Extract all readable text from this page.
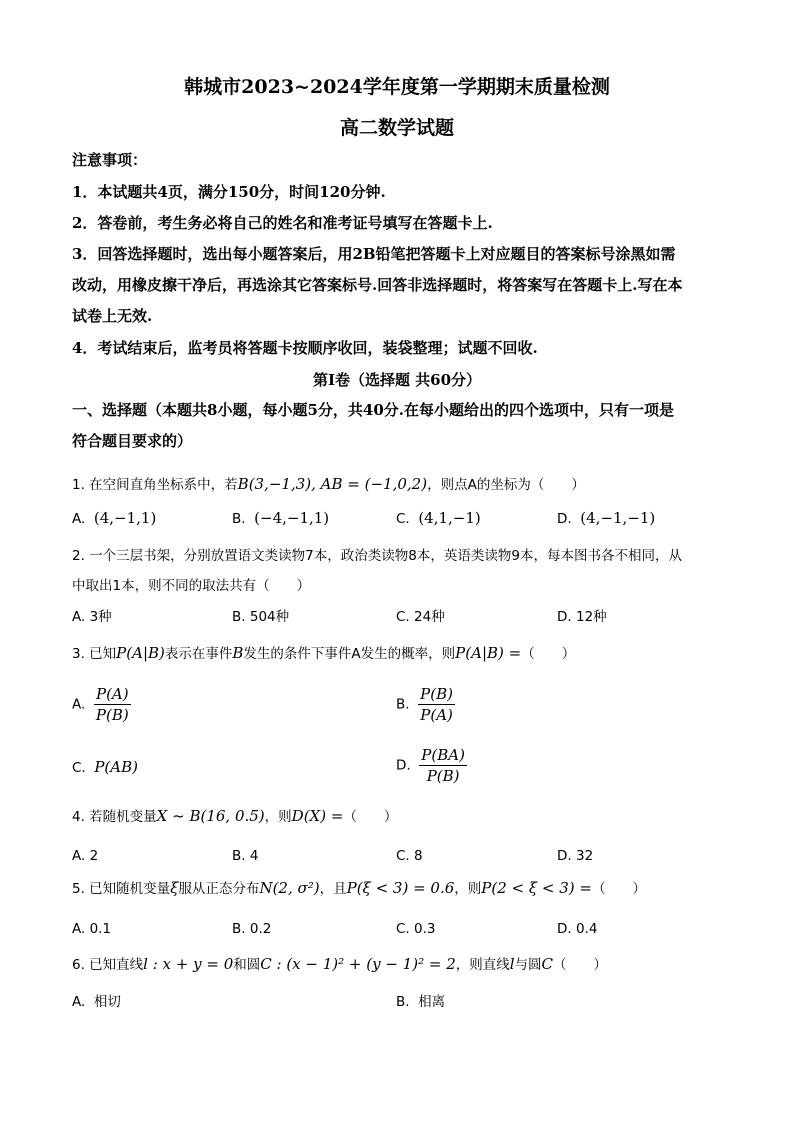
韩城市2023~2024学年度第一学期期末质量检测
高二数学试题
注意事项：
1．本试题共4页，满分150分，时间120分钟.
2．答卷前，考生务必将自己的姓名和准考证号填写在答题卡上.
3．回答选择题时，选出每小题答案后，用2B铅笔把答题卡上对应题目的答案标号涂黑如需
改动，用橡皮擦干净后，再选涂其它答案标号.回答非选择题时，将答案写在答题卡上.写在本
试卷上无效.
4．考试结束后，监考员将答题卡按顺序收回，装袋整理；试题不回收.
第Ⅰ卷（选择题 共60分）
一、选择题（本题共8小题，每小题5分，共40分.在每小题给出的四个选项中，只有一项是
符合题目要求的）
1. 在空间直角坐标系中，若B(3,−1,3), AB = (−1,0,2)，则点A的坐标为（　　）
A. (4,−1,1)	B. (−4,−1,1)	C. (4,1,−1)	D. (4,−1,−1)
2. 一个三层书架，分别放置语文类读物7本，政治类读物8本，英语类读物9本，每本图书各不相同，从
中取出1本，则不同的取法共有（　　）
A. 3种	B. 504种	C. 24种	D. 12种
3. 已知P(A|B)表示在事件B发生的条件下事件A发生的概率，则P(A|B) =（　　）
A. $\frac{P(A)}{P(B)}$	B. $\frac{P(B)}{P(A)}$
C. P(AB)	D. $\frac{P(BA)}{P(B)}$
4. 若随机变量X ~ B(16, 0.5)，则D(X) =（　　）
A. 2	B. 4	C. 8	D. 32
5. 已知随机变量ξ服从正态分布N(2, σ²)，且P(ξ < 3) = 0.6，则P(2 < ξ < 3) =（　　）
A. 0.1	B. 0.2	C. 0.3	D. 0.4
6. 已知直线l : x + y = 0和圆C : (x − 1)² + (y − 1)² = 2，则直线l与圆C（　　）
A. 相切	B. 相离
